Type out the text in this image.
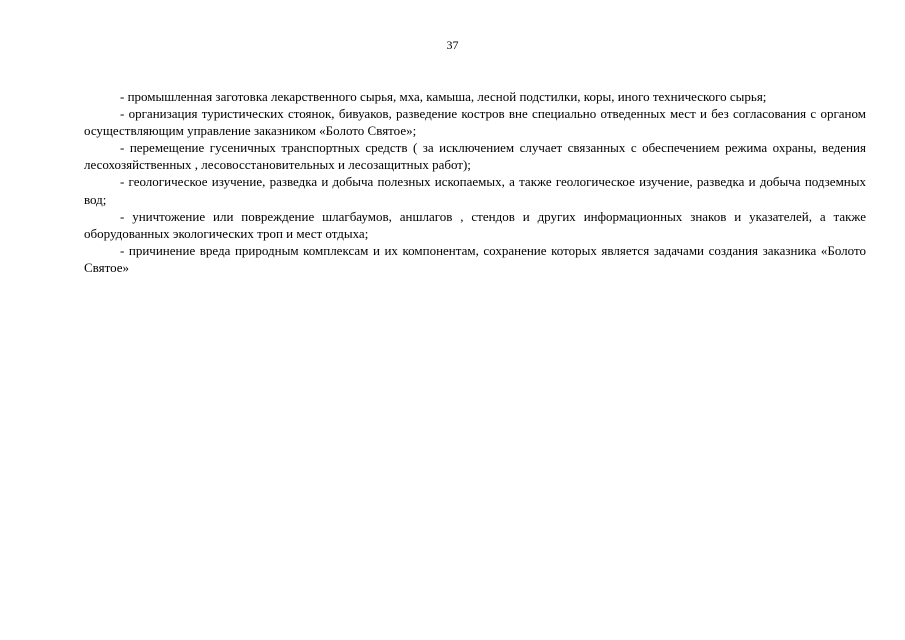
37

- промышленная заготовка лекарственного сырья, мха, камыша, лесной подстилки, коры, иного технического сырья;

- организация туристических стоянок, бивуаков, разведение костров вне специально отведенных мест и без согласования с органом осуществляющим управление заказником «Болото Святое»;

- перемещение гусеничных транспортных средств ( за исключением случает связанных с обеспечением режима охраны, ведения лесохозяйственных , лесовосстановительных и лесозащитных работ);

- геологическое изучение, разведка и добыча полезных ископаемых, а также геологическое изучение, разведка и добыча подземных вод;

- уничтожение или повреждение шлагбаумов, аншлагов , стендов и других информационных знаков и указателей, а также оборудованных экологических троп и мест отдыха;

- причинение вреда природным комплексам и их компонентам, сохранение которых является задачами создания заказника «Болото Святое»
